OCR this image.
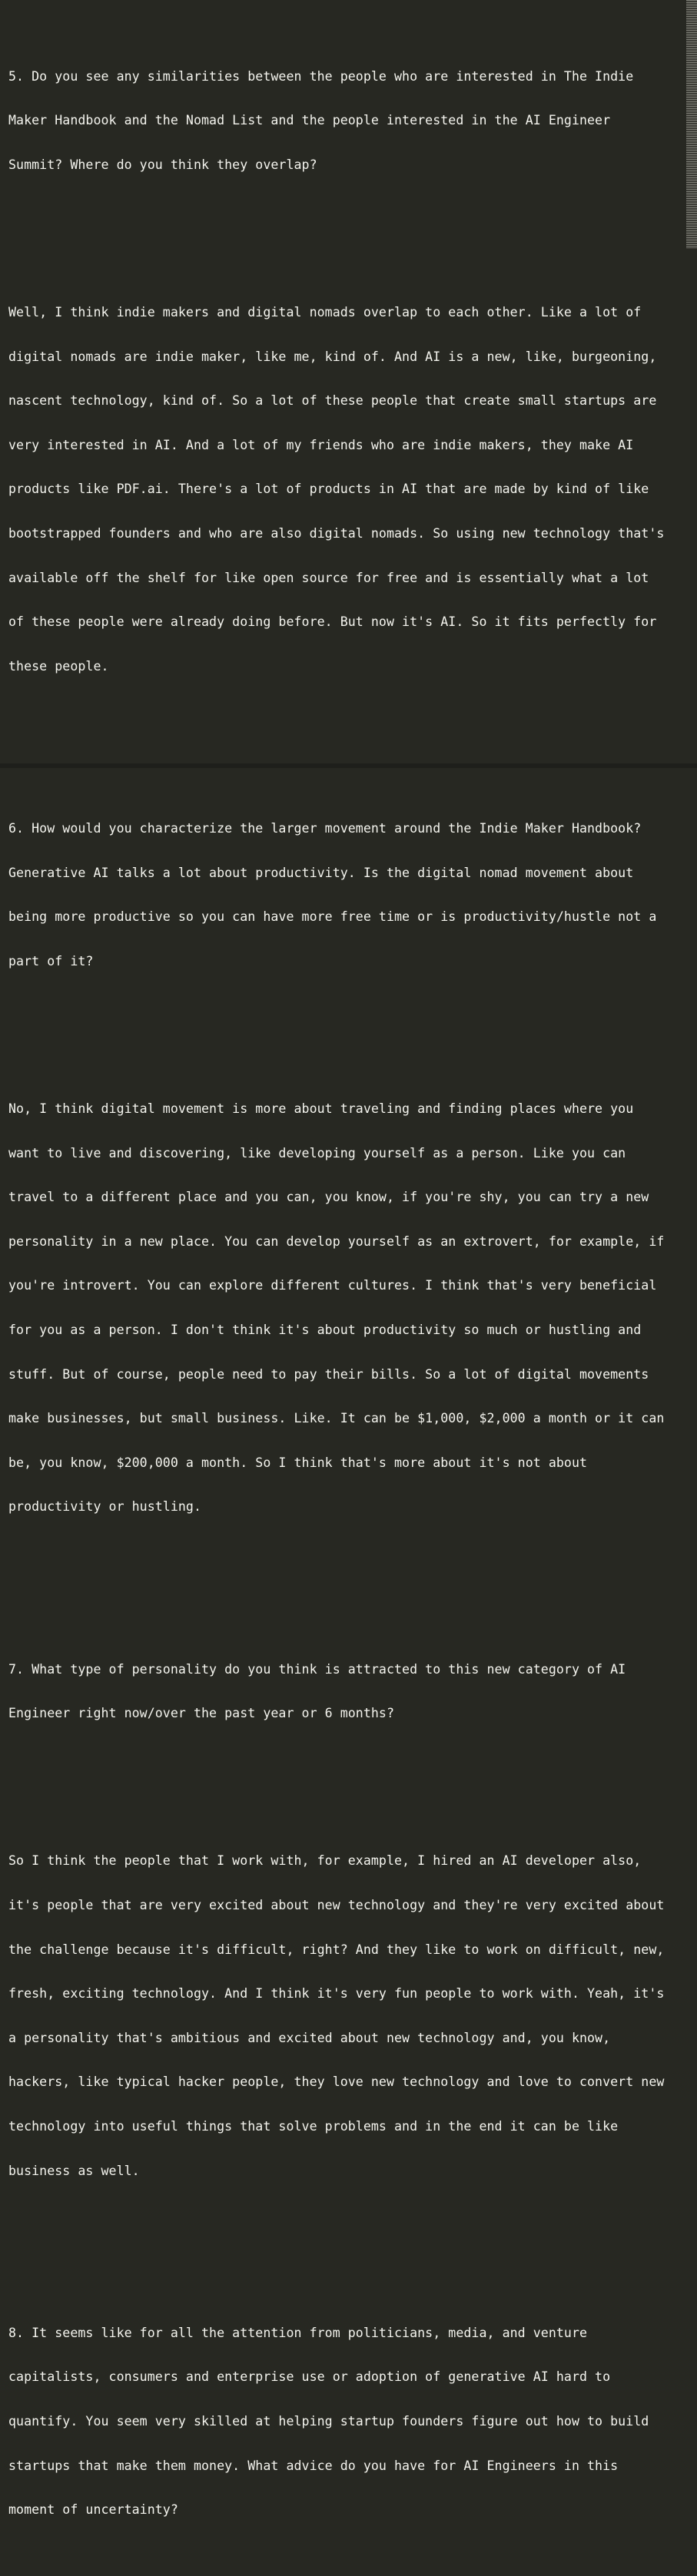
5. Do you see any similarities between the people who are interested in The Indie

Maker Handbook and the Nomad List and the people interested in the AI Engineer

Summit? Where do you think they overlap?

Well, I think indie makers and digital nomads overlap to each other. Like a lot of

digital nomads are indie maker, like me, kind of. And AI is a new, like, burgeoning,

nascent technology, kind of. So a lot of these people that create small startups are

very interested in AI. And a lot of my friends who are indie makers, they make AI

products like PDF.ai. There's a lot of products in AI that are made by kind of like

bootstrapped founders and who are also digital nomads. So using new technology that's

available off the shelf for like open source for free and is essentially what a lot

of these people were already doing before. But now it's AI. So it fits perfectly for

these people.

6. How would you characterize the larger movement around the Indie Maker Handbook?

Generative AI talks a lot about productivity. Is the digital nomad movement about

being more productive so you can have more free time or is productivity/hustle not a

part of it?

No, I think digital movement is more about traveling and finding places where you

want to live and discovering, like developing yourself as a person. Like you can

travel to a different place and you can, you know, if you're shy, you can try a new

personality in a new place. You can develop yourself as an extrovert, for example, if

you're introvert. You can explore different cultures. I think that's very beneficial

for you as a person. I don't think it's about productivity so much or hustling and

stuff. But of course, people need to pay their bills. So a lot of digital movements

make businesses, but small business. Like. It can be $1,000, $2,000 a month or it can

be, you know, $200,000 a month. So I think that's more about it's not about

productivity or hustling.

7. What type of personality do you think is attracted to this new category of AI

Engineer right now/over the past year or 6 months?

So I think the people that I work with, for example, I hired an AI developer also,

it's people that are very excited about new technology and they're very excited about

the challenge because it's difficult, right? And they like to work on difficult, new,

fresh, exciting technology. And I think it's very fun people to work with. Yeah, it's

a personality that's ambitious and excited about new technology and, you know,

hackers, like typical hacker people, they love new technology and love to convert new

technology into useful things that solve problems and in the end it can be like

business as well.

8. It seems like for all the attention from politicians, media, and venture

capitalists, consumers and enterprise use or adoption of generative AI hard to

quantify. You seem very skilled at helping startup founders figure out how to build

startups that make them money. What advice do you have for AI Engineers in this

moment of uncertainty?
